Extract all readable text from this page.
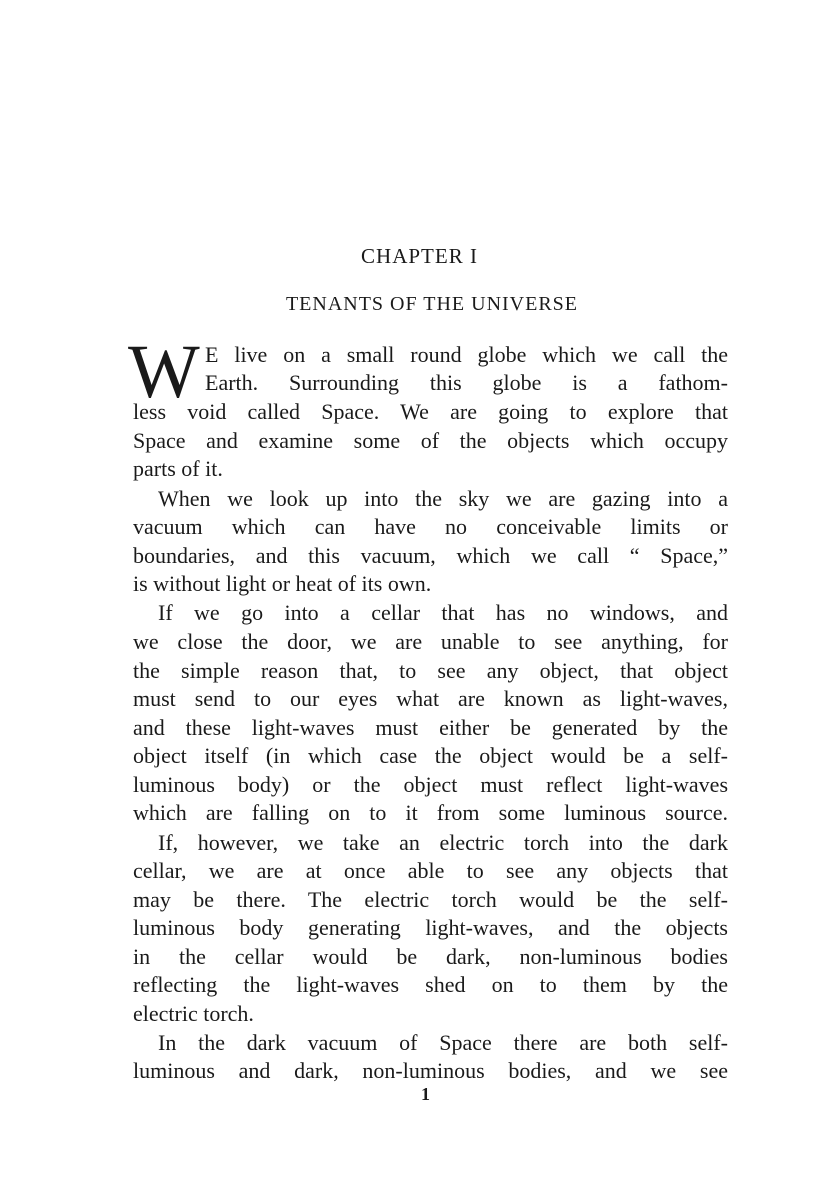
CHAPTER I
TENANTS OF THE UNIVERSE
W E live on a small round globe which we call the
Earth. Surrounding this globe is a fathom-
less void called Space. We are going to explore that
Space and examine some of the objects which occupy
parts of it.
When we look up into the sky we are gazing into a
vacuum which can have no conceivable limits or
boundaries, and this vacuum, which we call “ Space,”
is without light or heat of its own.
If we go into a cellar that has no windows, and
we close the door, we are unable to see anything, for
the simple reason that, to see any object, that object
must send to our eyes what are known as light-waves,
and these light-waves must either be generated by the
object itself (in which case the object would be a self-
luminous body) or the object must reflect light-waves
which are falling on to it from some luminous source.
If, however, we take an electric torch into the dark
cellar, we are at once able to see any objects that
may be there. The electric torch would be the self-
luminous body generating light-waves, and the objects
in the cellar would be dark, non-luminous bodies
reflecting the light-waves shed on to them by the
electric torch.
In the dark vacuum of Space there are both self-
luminous and dark, non-luminous bodies, and we see
1
